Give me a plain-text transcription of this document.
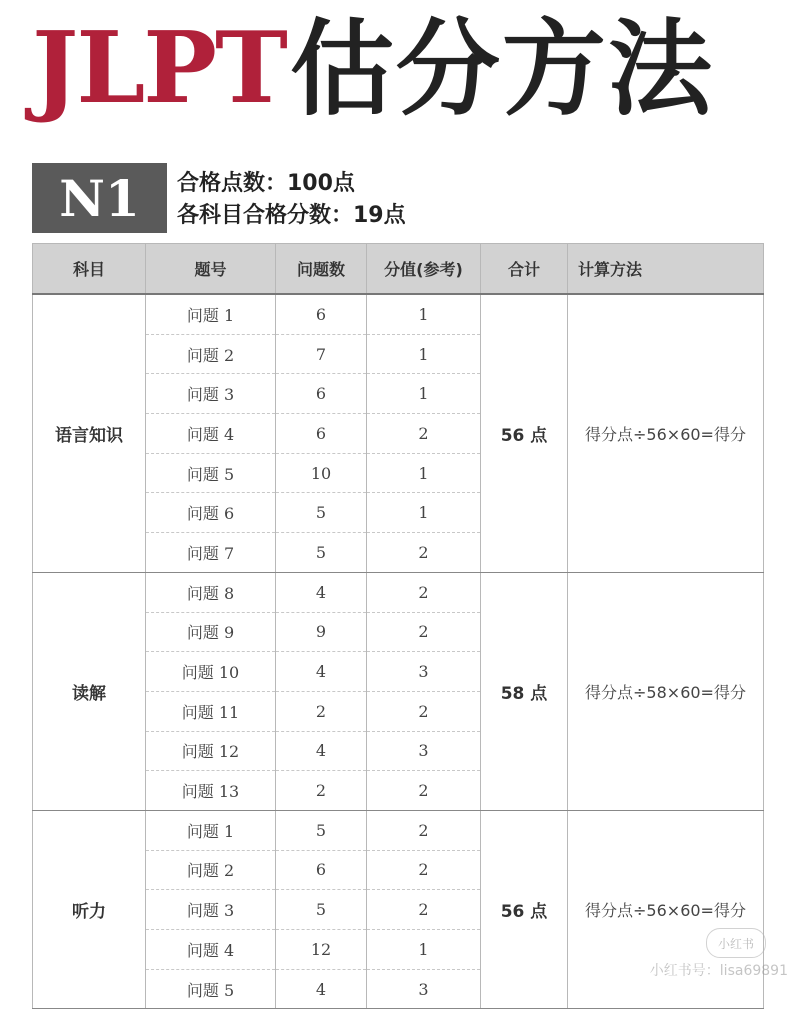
JLPT 估分方法
N1	合格点数：100点
各科目合格分数：19点
科目	题号	问题数	分值(参考)	合计	计算方法
语言知识	问题 1	6	1	56 点	得分点÷56×60=得分
	问题 2	7	1		
	问题 3	6	1		
	问题 4	6	2		
	问题 5	10	1		
	问题 6	5	1		
	问题 7	5	2		
读解	问题 8	4	2	58 点	得分点÷58×60=得分
	问题 9	9	2		
	问题 10	4	3		
	问题 11	2	2		
	问题 12	4	3		
	问题 13	2	2		
听力	问题 1	5	2	56 点	得分点÷56×60=得分
	问题 2	6	2		
	问题 3	5	2		
	问题 4	12	1		
	问题 5	4	3		
小红书
小红书号：lisa69891
